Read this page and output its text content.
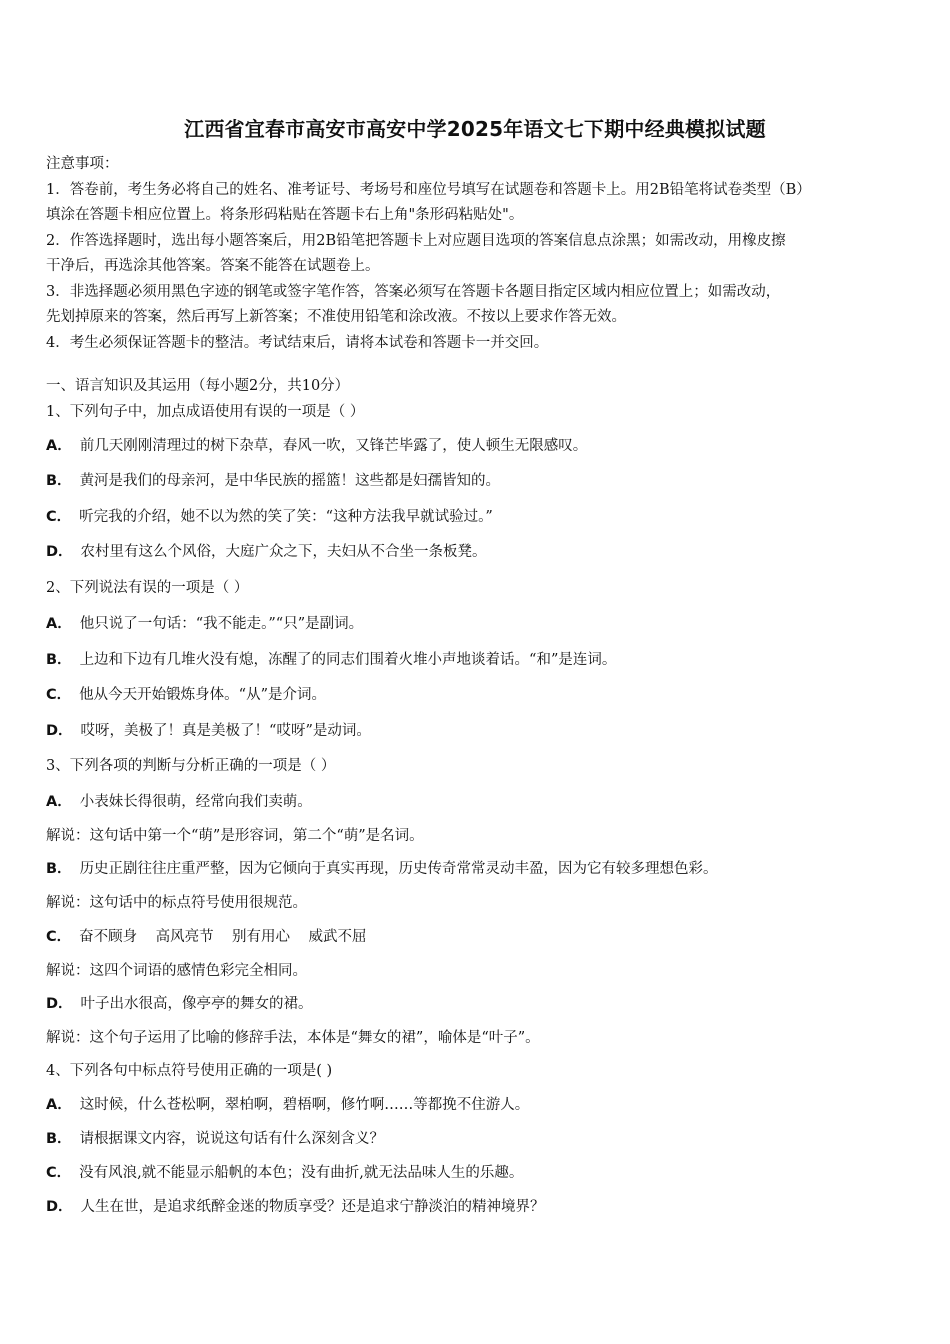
江西省宜春市高安市高安中学2025年语文七下期中经典模拟试题

注意事项：

1．答卷前，考生务必将自己的姓名、准考证号、考场号和座位号填写在试题卷和答题卡上。用2B铅笔将试卷类型（B）

填涂在答题卡相应位置上。将条形码粘贴在答题卡右上角"条形码粘贴处"。

2．作答选择题时，选出每小题答案后，用2B铅笔把答题卡上对应题目选项的答案信息点涂黑；如需改动，用橡皮擦

干净后，再选涂其他答案。答案不能答在试题卷上。

3．非选择题必须用黑色字迹的钢笔或签字笔作答，答案必须写在答题卡各题目指定区域内相应位置上；如需改动，

先划掉原来的答案，然后再写上新答案；不准使用铅笔和涂改液。不按以上要求作答无效。

4．考生必须保证答题卡的整洁。考试结束后，请将本试卷和答题卡一并交回。

一、语言知识及其运用（每小题2分，共10分）
1、下列句子中，加点成语使用有误的一项是（ ）
A． 前几天刚刚清理过的树下杂草，春风一吹，又锋芒毕露了，使人顿生无限感叹。
B． 黄河是我们的母亲河，是中华民族的摇篮！这些都是妇孺皆知的。
C． 听完我的介绍，她不以为然的笑了笑：“这种方法我早就试验过。”
D． 农村里有这么个风俗，大庭广众之下，夫妇从不合坐一条板凳。
2、下列说法有误的一项是（ ）
A． 他只说了一句话：“我不能走。”“只”是副词。
B． 上边和下边有几堆火没有熄，冻醒了的同志们围着火堆小声地谈着话。“和”是连词。
C． 他从今天开始锻炼身体。“从”是介词。
D． 哎呀，美极了！真是美极了！“哎呀”是动词。
3、下列各项的判断与分析正确的一项是（ ）
A． 小表妹长得很萌，经常向我们卖萌。
解说：这句话中第一个“萌”是形容词，第二个“萌”是名词。
B． 历史正剧往往庄重严整，因为它倾向于真实再现，历史传奇常常灵动丰盈，因为它有较多理想色彩。
解说：这句话中的标点符号使用很规范。
C． 奋不顾身    高风亮节    别有用心    威武不屈
解说：这四个词语的感情色彩完全相同。
D． 叶子出水很高，像亭亭的舞女的裙。
解说：这个句子运用了比喻的修辞手法，本体是“舞女的裙”，喻体是“叶子”。
4、下列各句中标点符号使用正确的一项是( )
A． 这时候，什么苍松啊，翠柏啊，碧梧啊，修竹啊……等都挽不住游人。
B． 请根据课文内容，说说这句话有什么深刻含义？
C． 没有风浪,就不能显示船帆的本色；没有曲折,就无法品味人生的乐趣。
D． 人生在世，是追求纸醉金迷的物质享受？还是追求宁静淡泊的精神境界？
